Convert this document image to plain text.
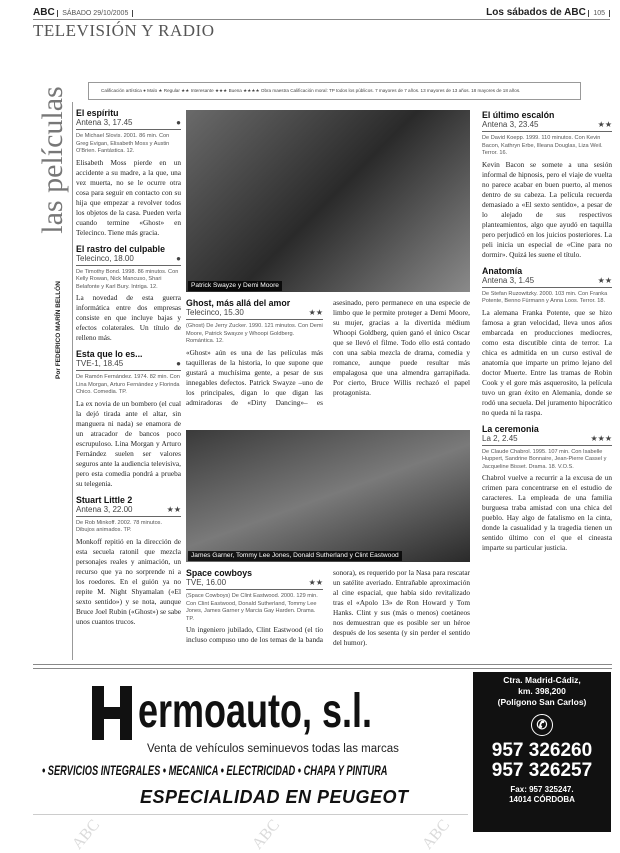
ABC SÁBADO 29/10/2005	Los sábados de ABC 105
TELEVISIÓN Y RADIO
Calificación artística ● Malo ★ Regular ★★ Interesante ★★★ Buena ★★★★ Obra maestra Calificación moral: TP todos los públicos. 7 mayores de 7 años. 13 mayores de 13 años. 18 mayores de 18 años.
las películas
Por FEDERICO MARÍN BELLÓN
El espíritu
Antena 3, 17.45	●
De Michael Slovis. 2001. 86 min. Con Greg Evigan, Elisabeth Moss y Austin O'Brien. Fantástica. 12.

Elisabeth Moss pierde en un accidente a su madre, a la que, una vez muerta, no se le ocurre otra cosa para seguir en contacto con su hija que empezar a revolver todos los objetos de la casa. Pueden verla cuando termine «Ghost» en Telecinco. Tiene más gracia.

El rastro del culpable
Telecinco, 18.00	●
De Timothy Bond. 1998. 86 minutos. Con Kelly Rowan, Nick Mancuso, Shari Belafonte y Karl Bury. Intriga. 12.

La novedad de esta guerra informática entre dos empresas consiste en que incluye bajas y efectos colaterales. Un título de relleno más.

Esta que lo es...
TVE-1, 18.45	●
De Ramón Fernández. 1974. 82 min. Con Lina Morgan, Arturo Fernández y Florinda Chico. Comedia. TP.

La ex novia de un bombero (el cual la dejó tirada ante el altar, sin manguera ni nada) se enamora de un atracador de bancos poco escrupuloso. Lina Morgan y Arturo Fernández suelen ser valores seguros ante la audiencia televisiva, pero esta comedia pondrá a prueba su telegenia.

Stuart Little 2
Antena 3, 22.00	★★
De Rob Minkoff. 2002. 78 minutos. Dibujos animados. TP.

Monkoff repitió en la dirección de esta secuela ratonil que mezcla personajes reales y animación, un recurso que ya no sorprende ni a los roedores. En el guión ya no repite M. Night Shyamalan («El sexto sentido») y se nota, aunque Bruce Joel Rubin («Ghost») se sabe unos cuantos trucos.

Patrick Swayze y Demi Moore
Ghost, más allá del amor
Telecinco, 15.30	★★
(Ghost) De Jerry Zucker. 1990. 121 minutos. Con Demi Moore, Patrick Swayze y Whoopi Goldberg. Romántica. 12.

«Ghost» aún es una de las películas más taquilleras de la historia, lo que supone que gustará a muchísima gente, a pesar de sus innegables defectos. Patrick Swayze –uno de los principales, digan lo que digan las admiradoras de «Dirty Dancing»– es asesinado, pero permanece en una especie de limbo que le permite proteger a Demi Moore, su mujer, gracias a la divertida médium Whoopi Goldberg, quien ganó el único Oscar que se llevó el filme. Todo ello está contado con una sabia mezcla de drama, comedia y romance, aunque puede resultar más empalagosa que una almendra garrapiñada. Por cierto, Bruce Willis rechazó el papel protagonista.

James Garner, Tommy Lee Jones, Donald Sutherland y Clint Eastwood
Space cowboys
TVE, 16.00	★★
(Space Cowboys) De Clint Eastwood. 2000. 129 min. Con Clint Eastwood, Donald Sutherland, Tommy Lee Jones, James Garner y Marcia Gay Harden. Drama. TP.

Un ingeniero jubilado, Clint Eastwood (el tío incluso compuso uno de los temas de la banda sonora), es requerido por la Nasa para rescatar un satélite averiado. Entrañable aproximación al cine espacial, que había sido revitalizado tras el «Apolo 13» de Ron Howard y Tom Hanks. Clint y sus (más o menos) coetáneos nos demuestran que es posible ser un héroe después de los sesenta (y sin perder el sentido del humor).

El último escalón
Antena 3, 23.45	★★
De David Koepp. 1999. 110 minutos. Con Kevin Bacon, Kathryn Erbe, Illeana Douglas, Liza Weil. Terror. 16.

Kevin Bacon se somete a una sesión informal de hipnosis, pero el viaje de vuelta no parece acabar en buen puerto, al menos dentro de su cabeza. La película recuerda demasiado a «El sexto sentido», a pesar de lo alejado de sus respectivos planteamientos, algo que ayudó en taquilla pero perjudicó en los juicios posteriores. La peli inicia un especial de «Cine para no dormir». Quizá les suene el título.

Anatomía
Antena 3, 1.45	★★
De Stefan Ruzowitzky. 2000. 103 min. Con Franka Potente, Benno Fürmann y Anna Loos. Terror. 18.

La alemana Franka Potente, que se hizo famosa a gran velocidad, lleva unos años embarcada en producciones mediocres, como esta discutible cinta de terror. La chica es admitida en un curso estival de anatomía que imparte un primo lejano del doctor Muerte. Entre las tramas de Robin Cook y el gore más asquerosito, la película tuvo un gran éxito en Alemania, donde se rodó una secuela. Del juramento hipocrático no queda ni la raspa.

La ceremonia
La 2, 2.45	★★★
De Claude Chabrol. 1995. 107 min. Con Isabelle Huppert, Sandrine Bonnaire, Jean-Pierre Cassel y Jacqueline Bisset. Drama. 18. V.O.S.

Chabrol vuelve a recurrir a la excusa de un crimen para concentrarse en el estudio de caracteres. La empleada de una familia burguesa traba amistad con una chica del pueblo. Hay algo de fatalismo en la cinta, donde la casualidad y la tragedia tienen un sentido último con el que el cineasta imparte su particular justicia.

ermoauto, s.l.
Venta de vehículos seminuevos todas las marcas
• SERVICIOS INTEGRALES • MECANICA • ELECTRICIDAD • CHAPA Y PINTURA
ESPECIALIDAD EN PEUGEOT
Ctra. Madrid-Cádiz,
km. 398,200
(Polígono San Carlos)
✆
957 326260
957 326257
Fax: 957 325247.
14014 CÓRDOBA
ABC	ABC	ABC
